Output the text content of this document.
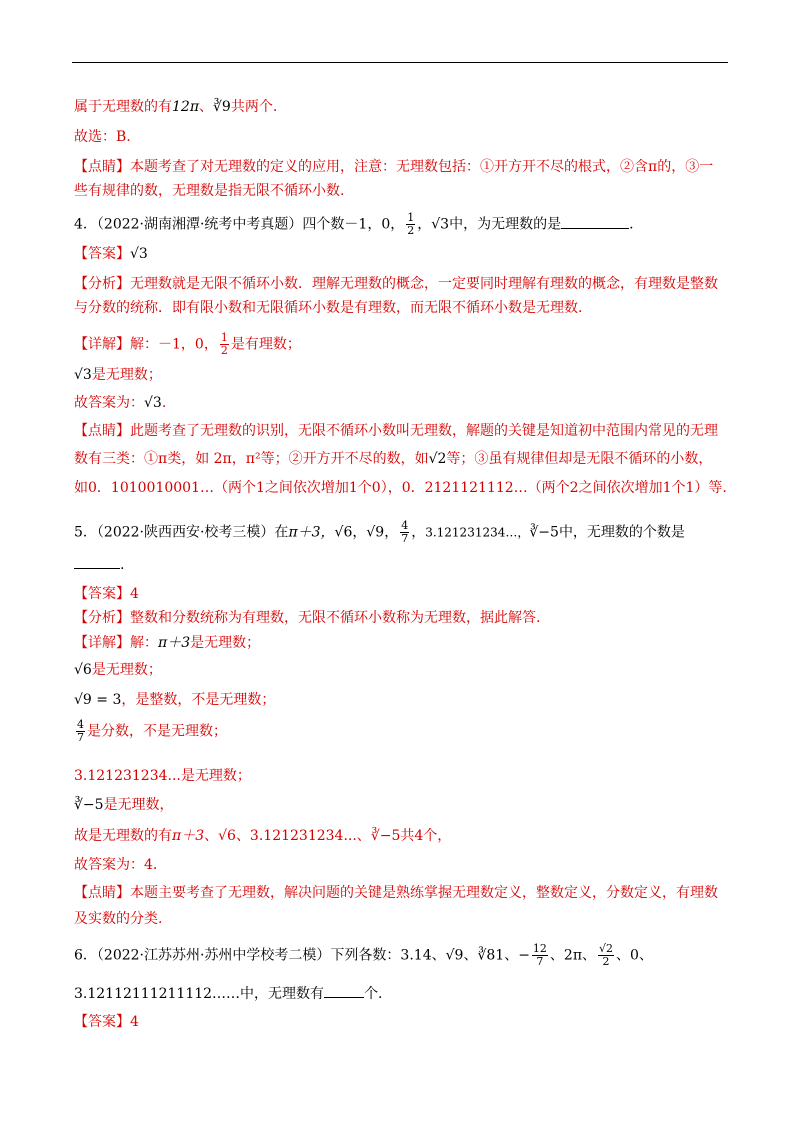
属于无理数的有12π、∛9共两个.
故选：B.
【点睛】本题考查了对无理数的定义的应用，注意：无理数包括：①开方开不尽的根式，②含π的，③一
些有规律的数，无理数是指无限不循环小数.
4．（2022·湖南湘潭·统考中考真题）四个数－1，0， $\frac{1}{2}$ ，√3中，为无理数的是	.
【答案】√3
【分析】无理数就是无限不循环小数．理解无理数的概念，一定要同时理解有理数的概念，有理数是整数
与分数的统称．即有限小数和无限循环小数是有理数，而无限不循环小数是无理数.
【详解】解：－1，0， $\frac{1}{2}$ 是有理数；
√3是无理数；
故答案为：√3.
【点睛】此题考查了无理数的识别，无限不循环小数叫无理数，解题的关键是知道初中范围内常见的无理
数有三类：①π类，如 2π，π²等；②开方开不尽的数，如√2等；③虽有规律但却是无限不循环的小数，
如0．1010010001…（两个1之间依次增加1个0），0．2121121112…（两个2之间依次增加1个1）等.
5．（2022·陕西西安·校考三模）在π＋3，√6，√9， $\frac{4}{7}$ ，3.121231234…，∛−5中，无理数的个数是
.
【答案】4
【分析】整数和分数统称为有理数，无限不循环小数称为无理数，据此解答.
【详解】解：π＋3是无理数；
√6是无理数；
√9 = 3，是整数，不是无理数；
$\frac{4}{7}$ 是分数，不是无理数；
3.121231234...是无理数；
∛−5是无理数，
故是无理数的有π＋3、√6、3.121231234...、∛−5共4个，
故答案为：4.
【点睛】本题主要考查了无理数，解决问题的关键是熟练掌握无理数定义，整数定义，分数定义，有理数
及实数的分类.
6．（2022·江苏苏州·苏州中学校考二模）下列各数：3.14、√9、∛81、− $\frac{12}{7}$ 、2π、 $\frac{√2}{2}$ 、0、
3.12112111211112……中，无理数有	个.
【答案】4
